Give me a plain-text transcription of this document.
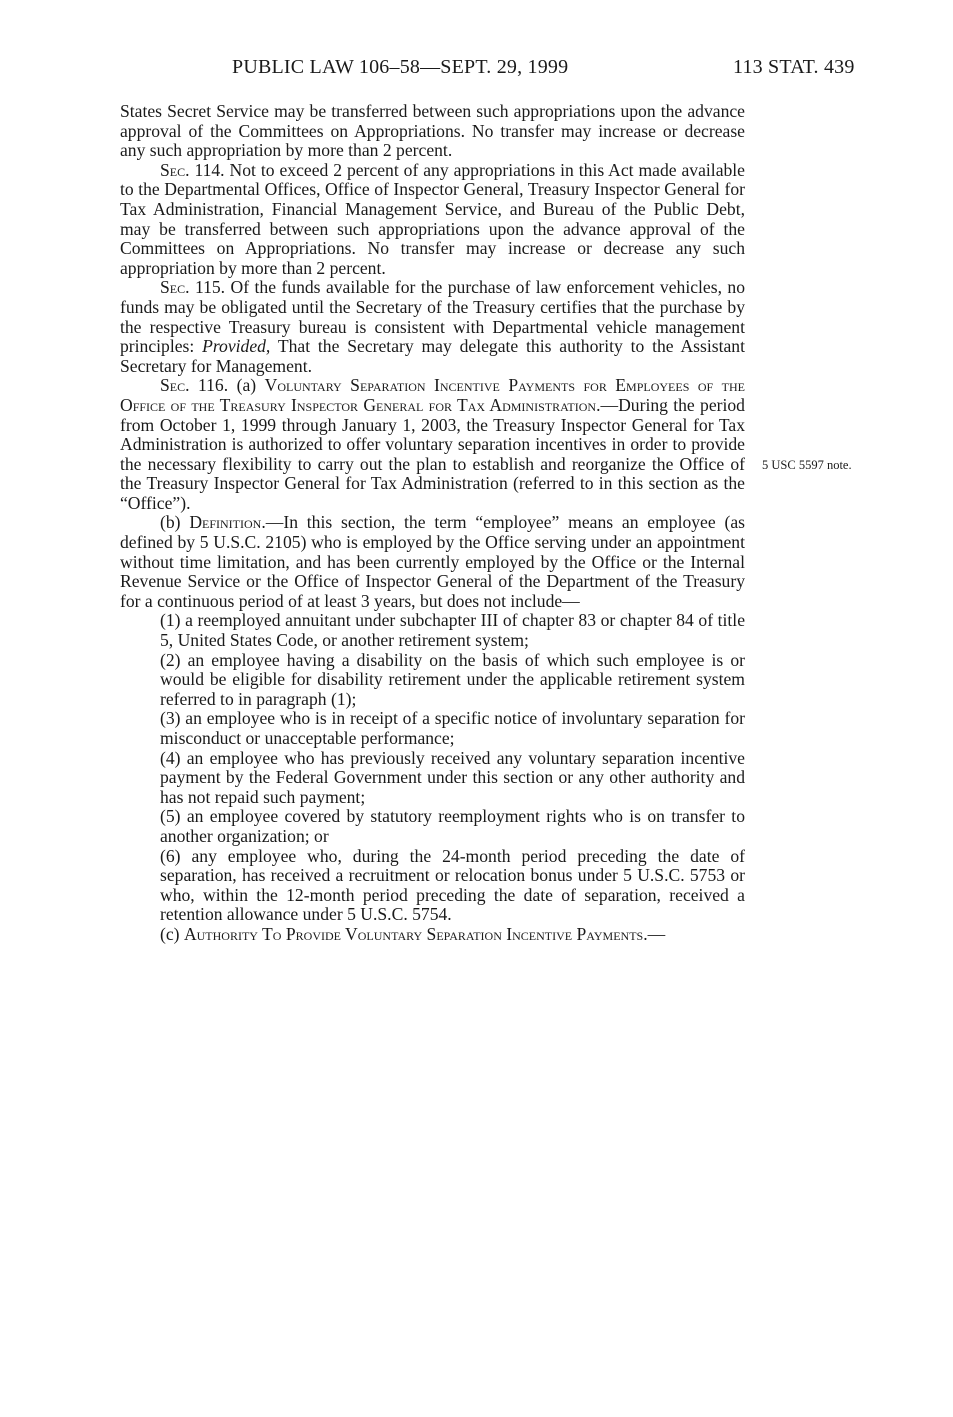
PUBLIC LAW 106–58—SEPT. 29, 1999	113 STAT. 439
5 USC 5597 note.

States Secret Service may be transferred between such appropriations upon the advance approval of the Committees on Appropriations. No transfer may increase or decrease any such appropriation by more than 2 percent.

Sec. 114. Not to exceed 2 percent of any appropriations in this Act made available to the Departmental Offices, Office of Inspector General, Treasury Inspector General for Tax Administration, Financial Management Service, and Bureau of the Public Debt, may be transferred between such appropriations upon the advance approval of the Committees on Appropriations. No transfer may increase or decrease any such appropriation by more than 2 percent.

Sec. 115. Of the funds available for the purchase of law enforcement vehicles, no funds may be obligated until the Secretary of the Treasury certifies that the purchase by the respective Treasury bureau is consistent with Departmental vehicle management principles: Provided, That the Secretary may delegate this authority to the Assistant Secretary for Management.

Sec. 116. (a) Voluntary Separation Incentive Payments for Employees of the Office of the Treasury Inspector General for Tax Administration.—During the period from October 1, 1999 through January 1, 2003, the Treasury Inspector General for Tax Administration is authorized to offer voluntary separation incentives in order to provide the necessary flexibility to carry out the plan to establish and reorganize the Office of the Treasury Inspector General for Tax Administration (referred to in this section as the “Office”).

(b) Definition.—In this section, the term “employee” means an employee (as defined by 5 U.S.C. 2105) who is employed by the Office serving under an appointment without time limitation, and has been currently employed by the Office or the Internal Revenue Service or the Office of Inspector General of the Department of the Treasury for a continuous period of at least 3 years, but does not include—

(1) a reemployed annuitant under subchapter III of chapter 83 or chapter 84 of title 5, United States Code, or another retirement system;

(2) an employee having a disability on the basis of which such employee is or would be eligible for disability retirement under the applicable retirement system referred to in paragraph (1);

(3) an employee who is in receipt of a specific notice of involuntary separation for misconduct or unacceptable performance;

(4) an employee who has previously received any voluntary separation incentive payment by the Federal Government under this section or any other authority and has not repaid such payment;

(5) an employee covered by statutory reemployment rights who is on transfer to another organization; or

(6) any employee who, during the 24-month period preceding the date of separation, has received a recruitment or relocation bonus under 5 U.S.C. 5753 or who, within the 12-month period preceding the date of separation, received a retention allowance under 5 U.S.C. 5754.

(c) Authority To Provide Voluntary Separation Incentive Payments.—
